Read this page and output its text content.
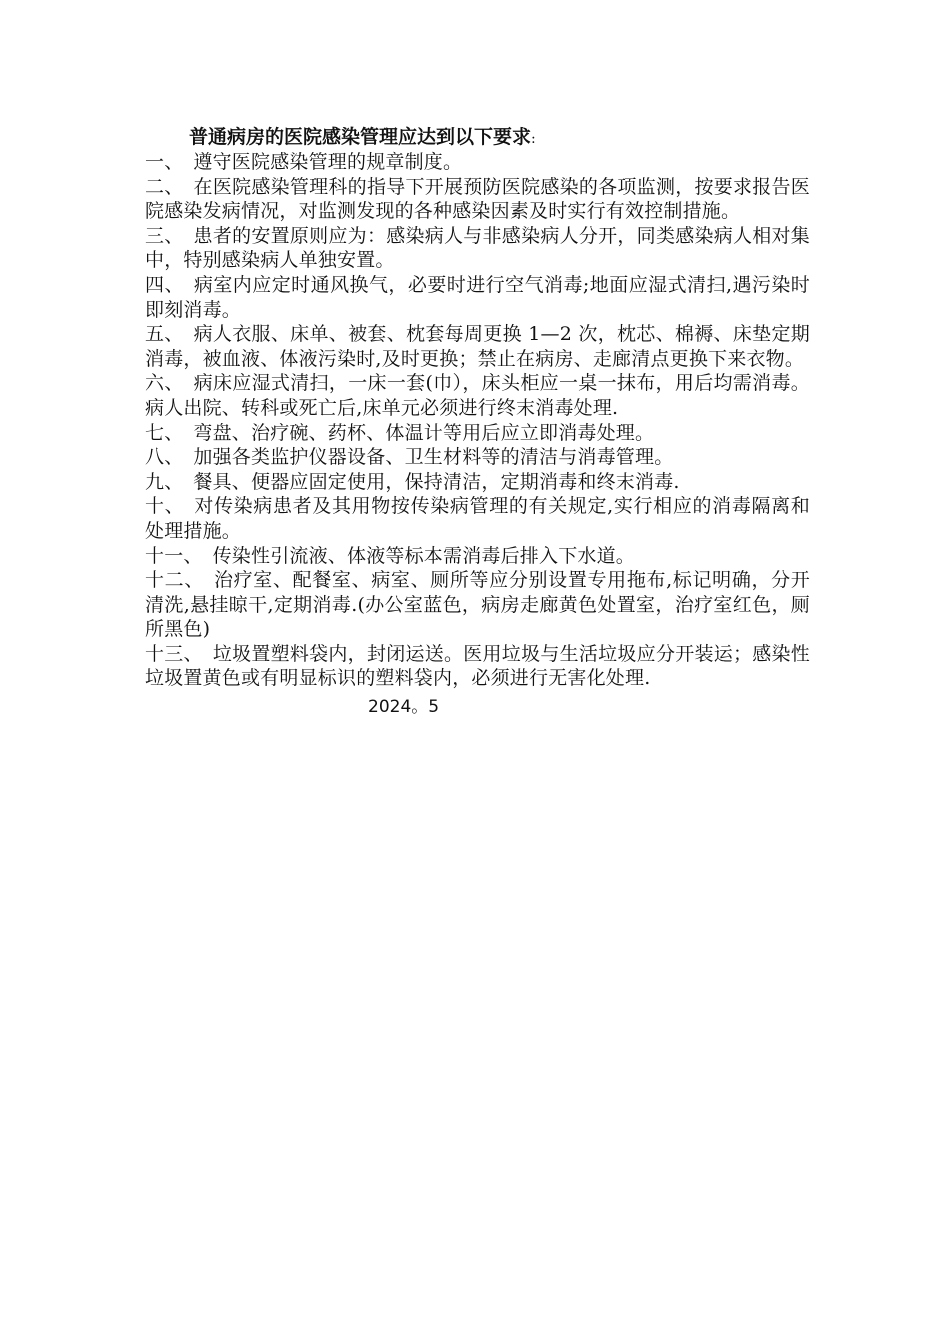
普通病房的医院感染管理应达到以下要求:

一、 遵守医院感染管理的规章制度。

二、 在医院感染管理科的指导下开展预防医院感染的各项监测，按要求报告医院感染发病情况，对监测发现的各种感染因素及时实行有效控制措施。

三、 患者的安置原则应为：感染病人与非感染病人分开，同类感染病人相对集中，特别感染病人单独安置。

四、 病室内应定时通风换气，必要时进行空气消毒;地面应湿式清扫,遇污染时即刻消毒。

五、 病人衣服、床单、被套、枕套每周更换 1—2 次，枕芯、棉褥、床垫定期消毒，被血液、体液污染时,及时更换；禁止在病房、走廊清点更换下来衣物。

六、 病床应湿式清扫，一床一套(巾），床头柜应一桌一抹布，用后均需消毒。病人出院、转科或死亡后,床单元必须进行终末消毒处理.

七、 弯盘、治疗碗、药杯、体温计等用后应立即消毒处理。

八、 加强各类监护仪器设备、卫生材料等的清洁与消毒管理。

九、 餐具、便器应固定使用，保持清洁，定期消毒和终末消毒.

十、 对传染病患者及其用物按传染病管理的有关规定,实行相应的消毒隔离和处理措施。

十一、 传染性引流液、体液等标本需消毒后排入下水道。

十二、 治疗室、配餐室、病室、厕所等应分别设置专用拖布,标记明确，分开清洗,悬挂晾干,定期消毒.(办公室蓝色，病房走廊黄色处置室，治疗室红色，厕所黑色)

十三、 垃圾置塑料袋内，封闭运送。医用垃圾与生活垃圾应分开装运；感染性垃圾置黄色或有明显标识的塑料袋内，必须进行无害化处理.

2024。5
